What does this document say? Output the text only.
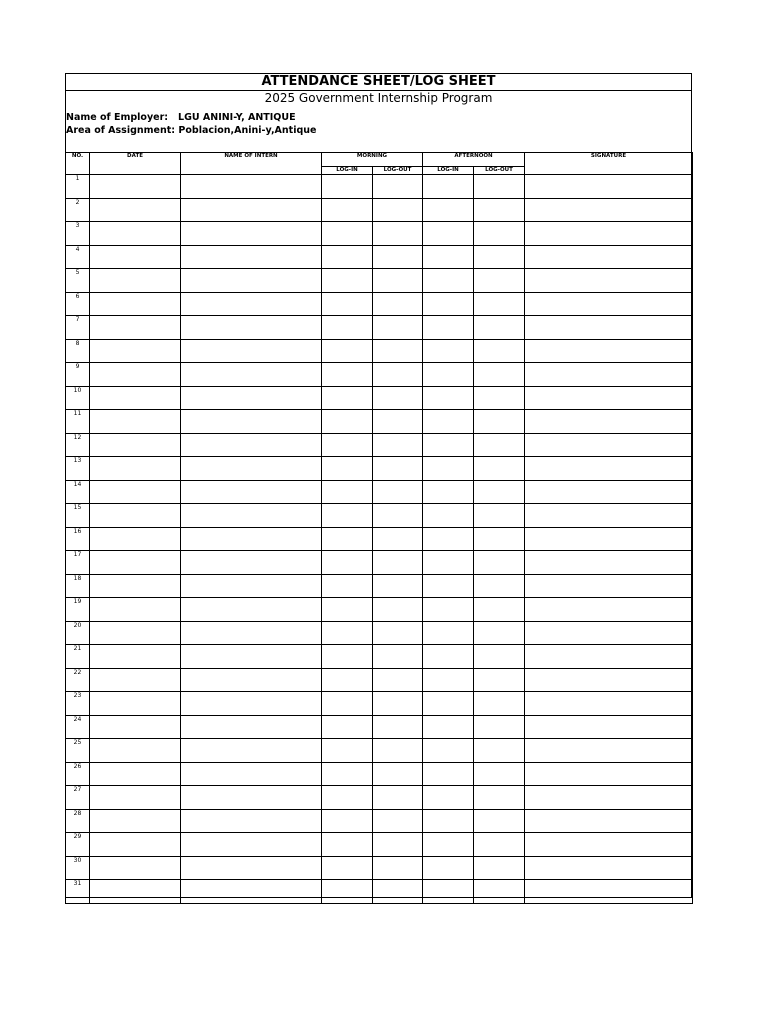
ATTENDANCE SHEET/LOG SHEET
2025 Government Internship Program
Name of Employer: LGU ANINI-Y, ANTIQUE
Area of Assignment: Poblacion,Anini-y,Antique
NO.	DATE	NAME OF INTERN	MORNING		AFTERNOON		SIGNATURE
			LOG-IN	LOG-OUT	LOG-IN	LOG-OUT	
1							
2							
3							
4							
5							
6							
7							
8							
9							
10							
11							
12							
13							
14							
15							
16							
17							
18							
19							
20							
21							
22							
23							
24							
25							
26							
27							
28							
29							
30							
31							
